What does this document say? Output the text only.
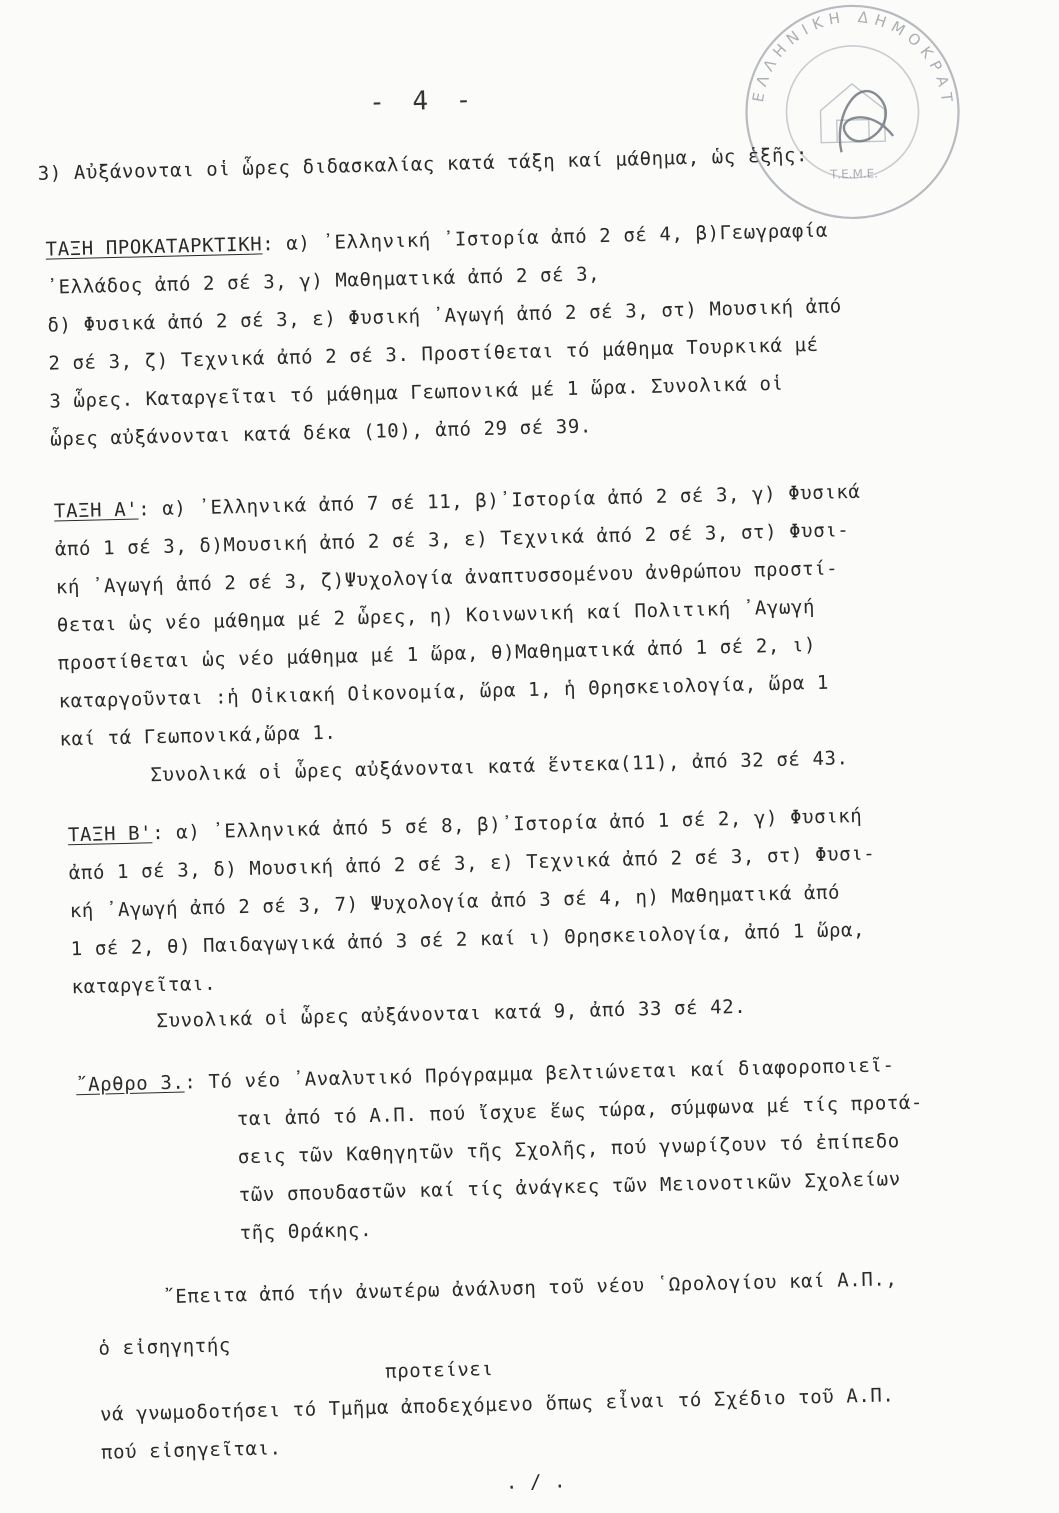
- 4 -	ΕΛΛΗΝΙΚΗ ΔΗΜΟΚΡΑΤΙΑ
Τ.Ε.Μ.Ε.
3) Αὐξάνονται οἱ ὧρες διδασκαλίας κατά τάξη καί μάθημα, ὡς ἑξῆς:
ΤΑΞΗ ΠΡΟΚΑΤΑΡΚΤΙΚΗ: α) ᾿Ελληνική ᾿Ιστορία ἀπό 2 σέ 4, β)Γεωγραφία
᾿Ελλάδος ἀπό 2 σέ 3, γ) Μαθηματικά ἀπό 2 σέ 3,
δ) Φυσικά ἀπό 2 σέ 3, ε) Φυσική ᾿Αγωγή ἀπό 2 σέ 3, στ) Μουσική ἀπό
2 σέ 3, ζ) Τεχνικά ἀπό 2 σέ 3. Προστίθεται τό μάθημα Τουρκικά μέ
3 ὧρες. Καταργεῖται τό μάθημα Γεωπονικά μέ 1 ὥρα. Συνολικά οἱ
ὧρες αὐξάνονται κατά δέκα (10), ἀπό 29 σέ 39.
ΤΑΞΗ Α': α) ᾿Ελληνικά ἀπό 7 σέ 11, β)᾿Ιστορία ἀπό 2 σέ 3, γ) Φυσικά
ἀπό 1 σέ 3, δ)Μουσική ἀπό 2 σέ 3, ε) Τεχνικά ἀπό 2 σέ 3, στ) Φυσι-
κή ᾿Αγωγή ἀπό 2 σέ 3, ζ)Ψυχολογία ἀναπτυσσομένου ἀνθρώπου προστί-
θεται ὡς νέο μάθημα μέ 2 ὧρες, η) Κοινωνική καί Πολιτική ᾿Αγωγή
προστίθεται ὡς νέο μάθημα μέ 1 ὥρα, θ)Μαθηματικά ἀπό 1 σέ 2, ι)
καταργοῦνται :ἡ Οἰκιακή Οἰκονομία, ὥρα 1, ἡ Θρησκειολογία, ὥρα 1
καί τά Γεωπονικά,ὥρα 1.
Συνολικά οἱ ὧρες αὐξάνονται κατά ἕντεκα(11), ἀπό 32 σέ 43.
ΤΑΞΗ Β': α) ᾿Ελληνικά ἀπό 5 σέ 8, β)᾿Ιστορία ἀπό 1 σέ 2, γ) Φυσική
ἀπό 1 σέ 3, δ) Μουσική ἀπό 2 σέ 3, ε) Τεχνικά ἀπό 2 σέ 3, στ) Φυσι-
κή ᾿Αγωγή ἀπό 2 σέ 3, 7) Ψυχολογία ἀπό 3 σέ 4, η) Μαθηματικά ἀπό
1 σέ 2, θ) Παιδαγωγικά ἀπό 3 σέ 2 καί ι) Θρησκειολογία, ἀπό 1 ὥρα,
καταργεῖται.
Συνολικά οἱ ὧρες αὐξάνονται κατά 9, ἀπό 33 σέ 42.
῎Αρθρο 3.: Τό νέο ᾿Αναλυτικό Πρόγραμμα βελτιώνεται καί διαφοροποιεῖ-
ται ἀπό τό Α.Π. πού ἴσχυε ἕως τώρα, σύμφωνα μέ τίς προτά-
σεις τῶν Καθηγητῶν τῆς Σχολῆς, πού γνωρίζουν τό ἐπίπεδο
τῶν σπουδαστῶν καί τίς ἀνάγκες τῶν Μειονοτικῶν Σχολείων
τῆς Θράκης.
῎Επειτα ἀπό τήν ἀνωτέρω ἀνάλυση τοῦ νέου ῾Ωρολογίου καί Α.Π.,
ὁ εἰσηγητής
προτείνει
νά γνωμοδοτήσει τό Τμῆμα ἀποδεχόμενο ὅπως εἶναι τό Σχέδιο τοῦ Α.Π.
πού εἰσηγεῖται.
. / .
